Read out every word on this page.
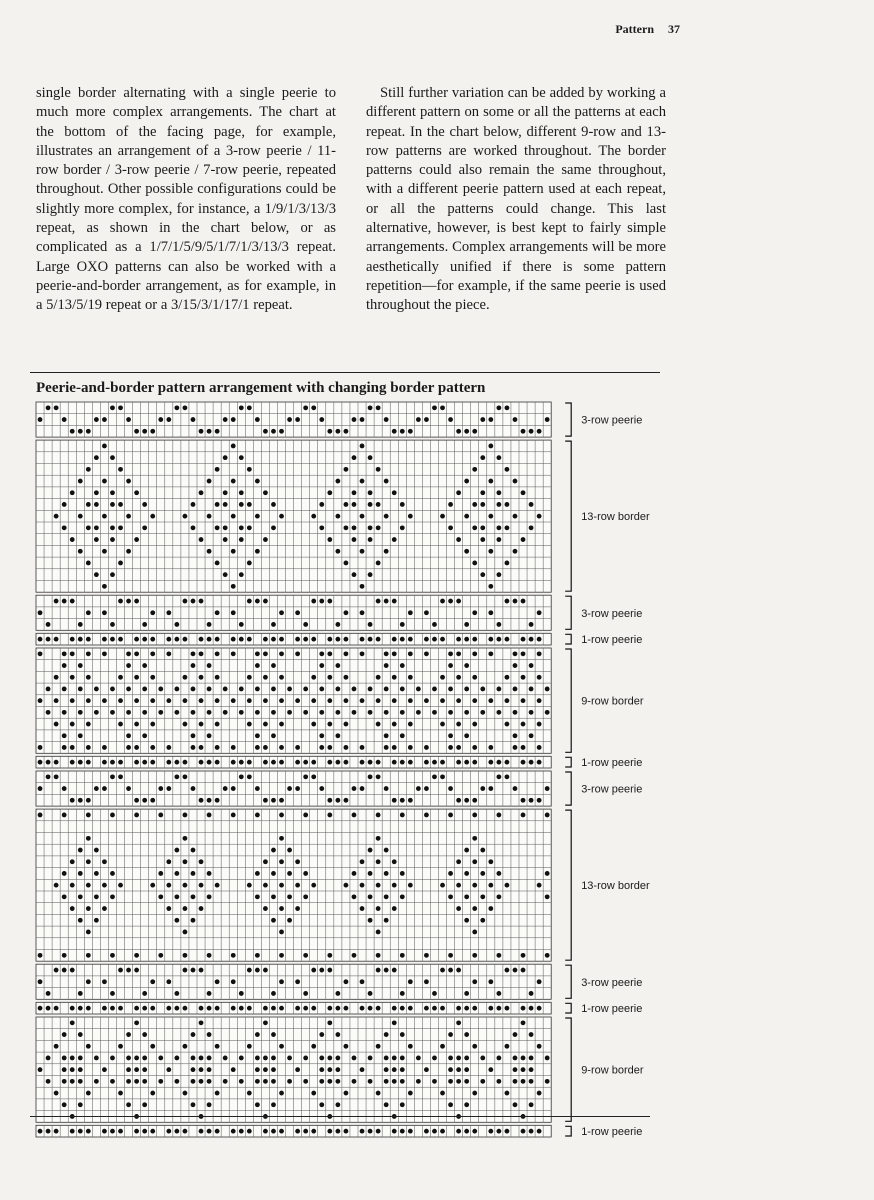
Pattern 37

single border alternating with a single peerie to much more complex arrangements. The chart at the bottom of the facing page, for example, illustrates an arrangement of a 3-row peerie / 11-row border / 3-row peerie / 7-row peerie, repeated throughout. Other possible configurations could be slightly more complex, for instance, a 1/9/1/3/13/3 repeat, as shown in the chart below, or as complicated as a 1/7/1/5/9/5/1/7/1/3/13/3 repeat. Large OXO patterns can also be worked with a peerie-and-border arrangement, as for example, in a 5/13/5/19 repeat or a 3/15/3/1/17/1 repeat.

Still further variation can be added by working a different pattern on some or all the patterns at each repeat. In the chart below, different 9-row and 13-row patterns are worked throughout. The border patterns could also remain the same throughout, with a different peerie pattern used at each repeat, or all the patterns could change. This last alternative, however, is best kept to fairly simple arrangements. Complex arrangements will be more aesthetically unified if there is some pattern repetition—for example, if the same peerie is used throughout the piece.

Peerie-and-border pattern arrangement with changing border pattern
3-row peerie
13-row border
3-row peerie
1-row peerie
9-row border
1-row peerie
3-row peerie
13-row border
3-row peerie
1-row peerie
9-row border
1-row peerie
